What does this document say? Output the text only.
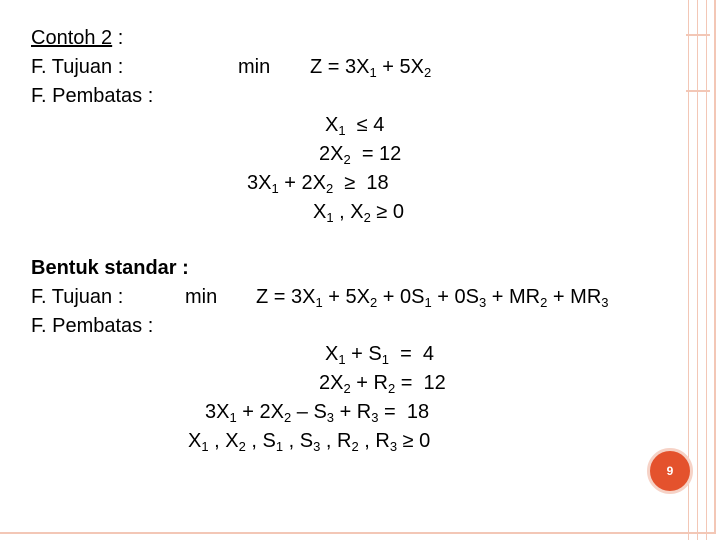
Contoh 2 :
F. Tujuan :
F. Pembatas :
$\min Z = 3X_1 + 5X_2$
$X_1 \le 4$
$2X_2 = 12$
$3X_1 + 2X_2 \ge 18$
$X_1$ , $X_2 \ge 0$
Bentuk standar :
F. Tujuan :	$\min Z = 3X_1 + 5X_2 + 0S_1 + 0S_3 + MR_2 + MR_3$
F. Pembatas :
$X_1 + S_1 = 4$
$2X_2 + R_2 = 12$
$3X_1 + 2X_2 - S_3 + R_3 = 18$
$X_1$ , $X_2$ , $S_1$ , $S_3$ , $R_2$ , $R_3 \ge 0$
9
